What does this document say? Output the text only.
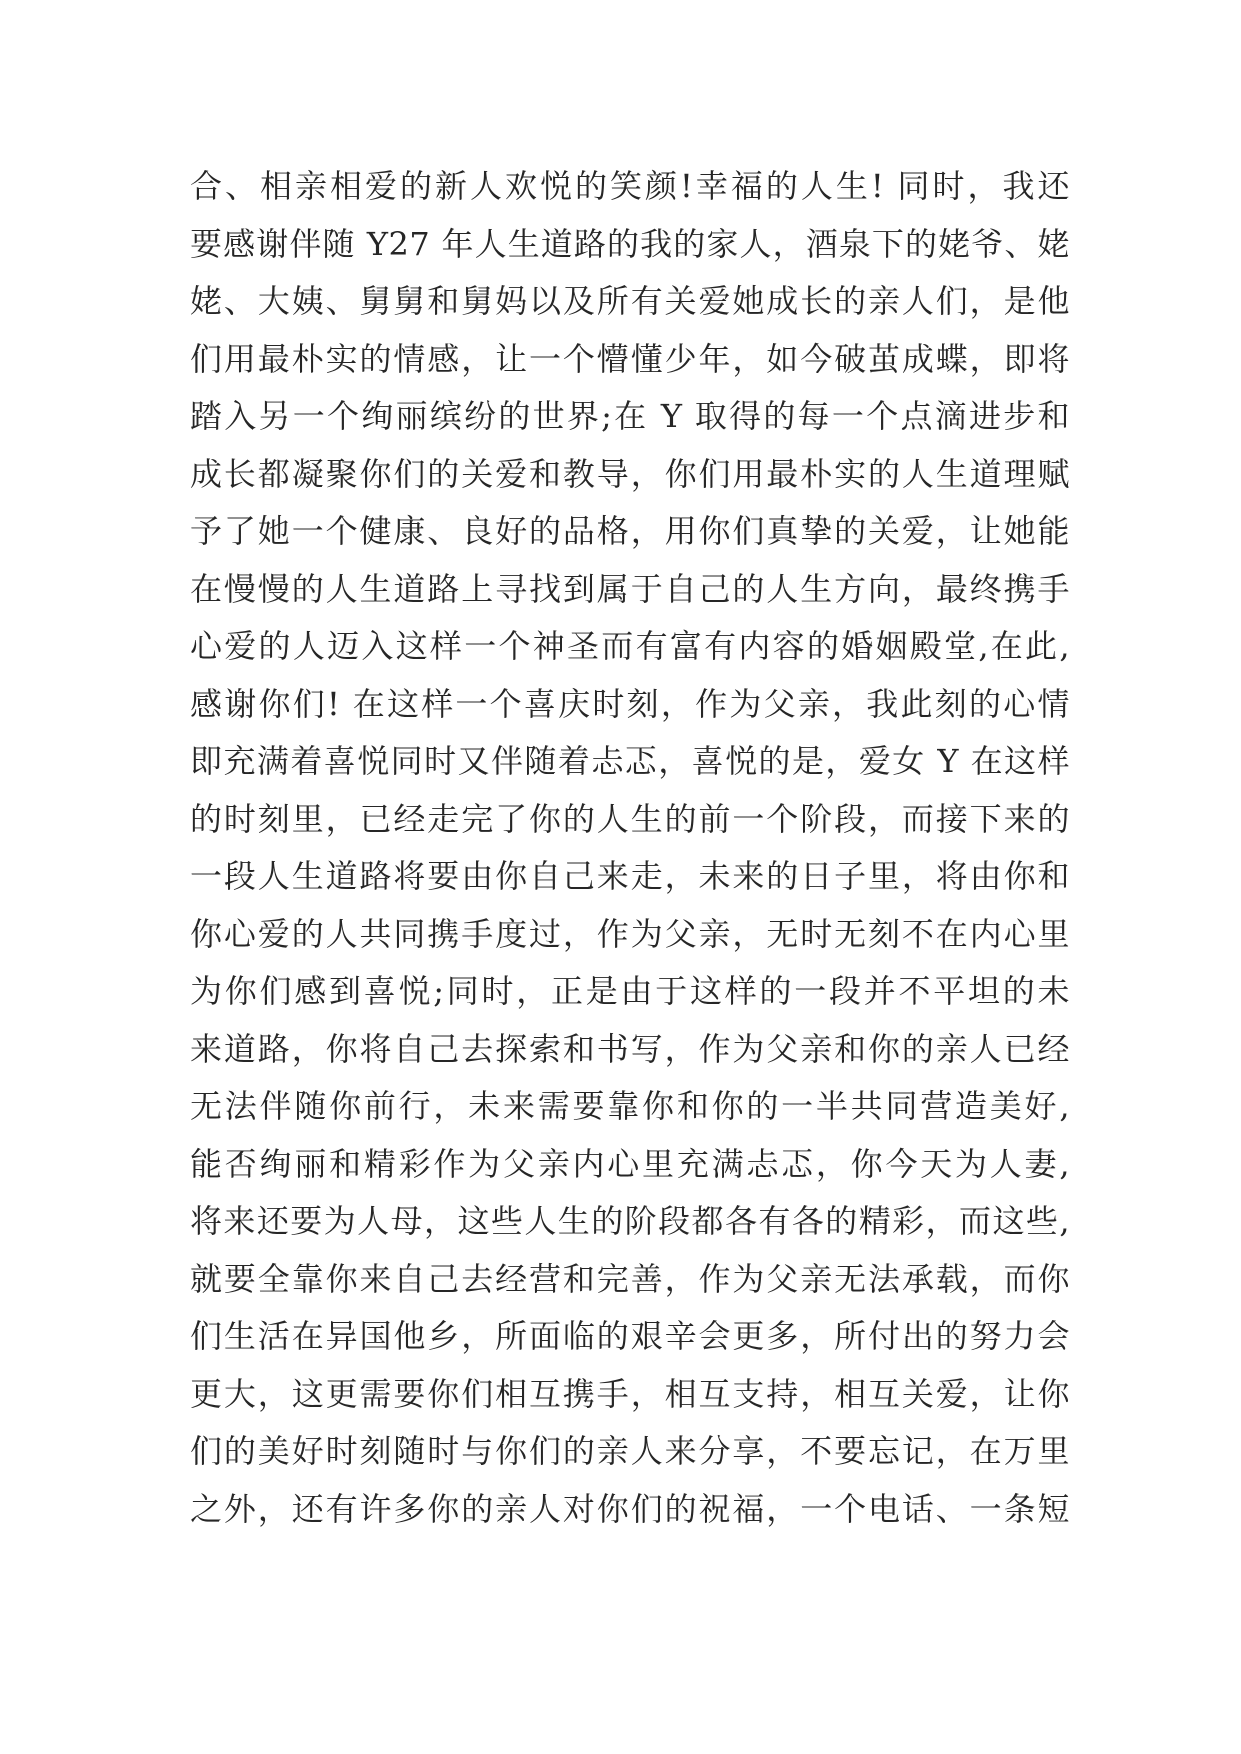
合、相亲相爱的新人欢悦的笑颜!幸福的人生! 同时，我还
要感谢伴随 Y27 年人生道路的我的家人，酒泉下的姥爷、姥
姥、大姨、舅舅和舅妈以及所有关爱她成长的亲人们，是他
们用最朴实的情感，让一个懵懂少年，如今破茧成蝶，即将
踏入另一个绚丽缤纷的世界;在 Y 取得的每一个点滴进步和
成长都凝聚你们的关爱和教导，你们用最朴实的人生道理赋
予了她一个健康、良好的品格，用你们真挚的关爱，让她能
在慢慢的人生道路上寻找到属于自己的人生方向，最终携手
心爱的人迈入这样一个神圣而有富有内容的婚姻殿堂,在此,
感谢你们! 在这样一个喜庆时刻，作为父亲，我此刻的心情
即充满着喜悦同时又伴随着忐忑，喜悦的是，爱女 Y 在这样
的时刻里，已经走完了你的人生的前一个阶段，而接下来的
一段人生道路将要由你自己来走，未来的日子里，将由你和
你心爱的人共同携手度过，作为父亲，无时无刻不在内心里
为你们感到喜悦;同时，正是由于这样的一段并不平坦的未
来道路，你将自己去探索和书写，作为父亲和你的亲人已经
无法伴随你前行，未来需要靠你和你的一半共同营造美好,
能否绚丽和精彩作为父亲内心里充满忐忑，你今天为人妻,
将来还要为人母，这些人生的阶段都各有各的精彩，而这些,
就要全靠你来自己去经营和完善，作为父亲无法承载，而你
们生活在异国他乡，所面临的艰辛会更多，所付出的努力会
更大，这更需要你们相互携手，相互支持，相互关爱，让你
们的美好时刻随时与你们的亲人来分享，不要忘记，在万里
之外，还有许多你的亲人对你们的祝福，一个电话、一条短
